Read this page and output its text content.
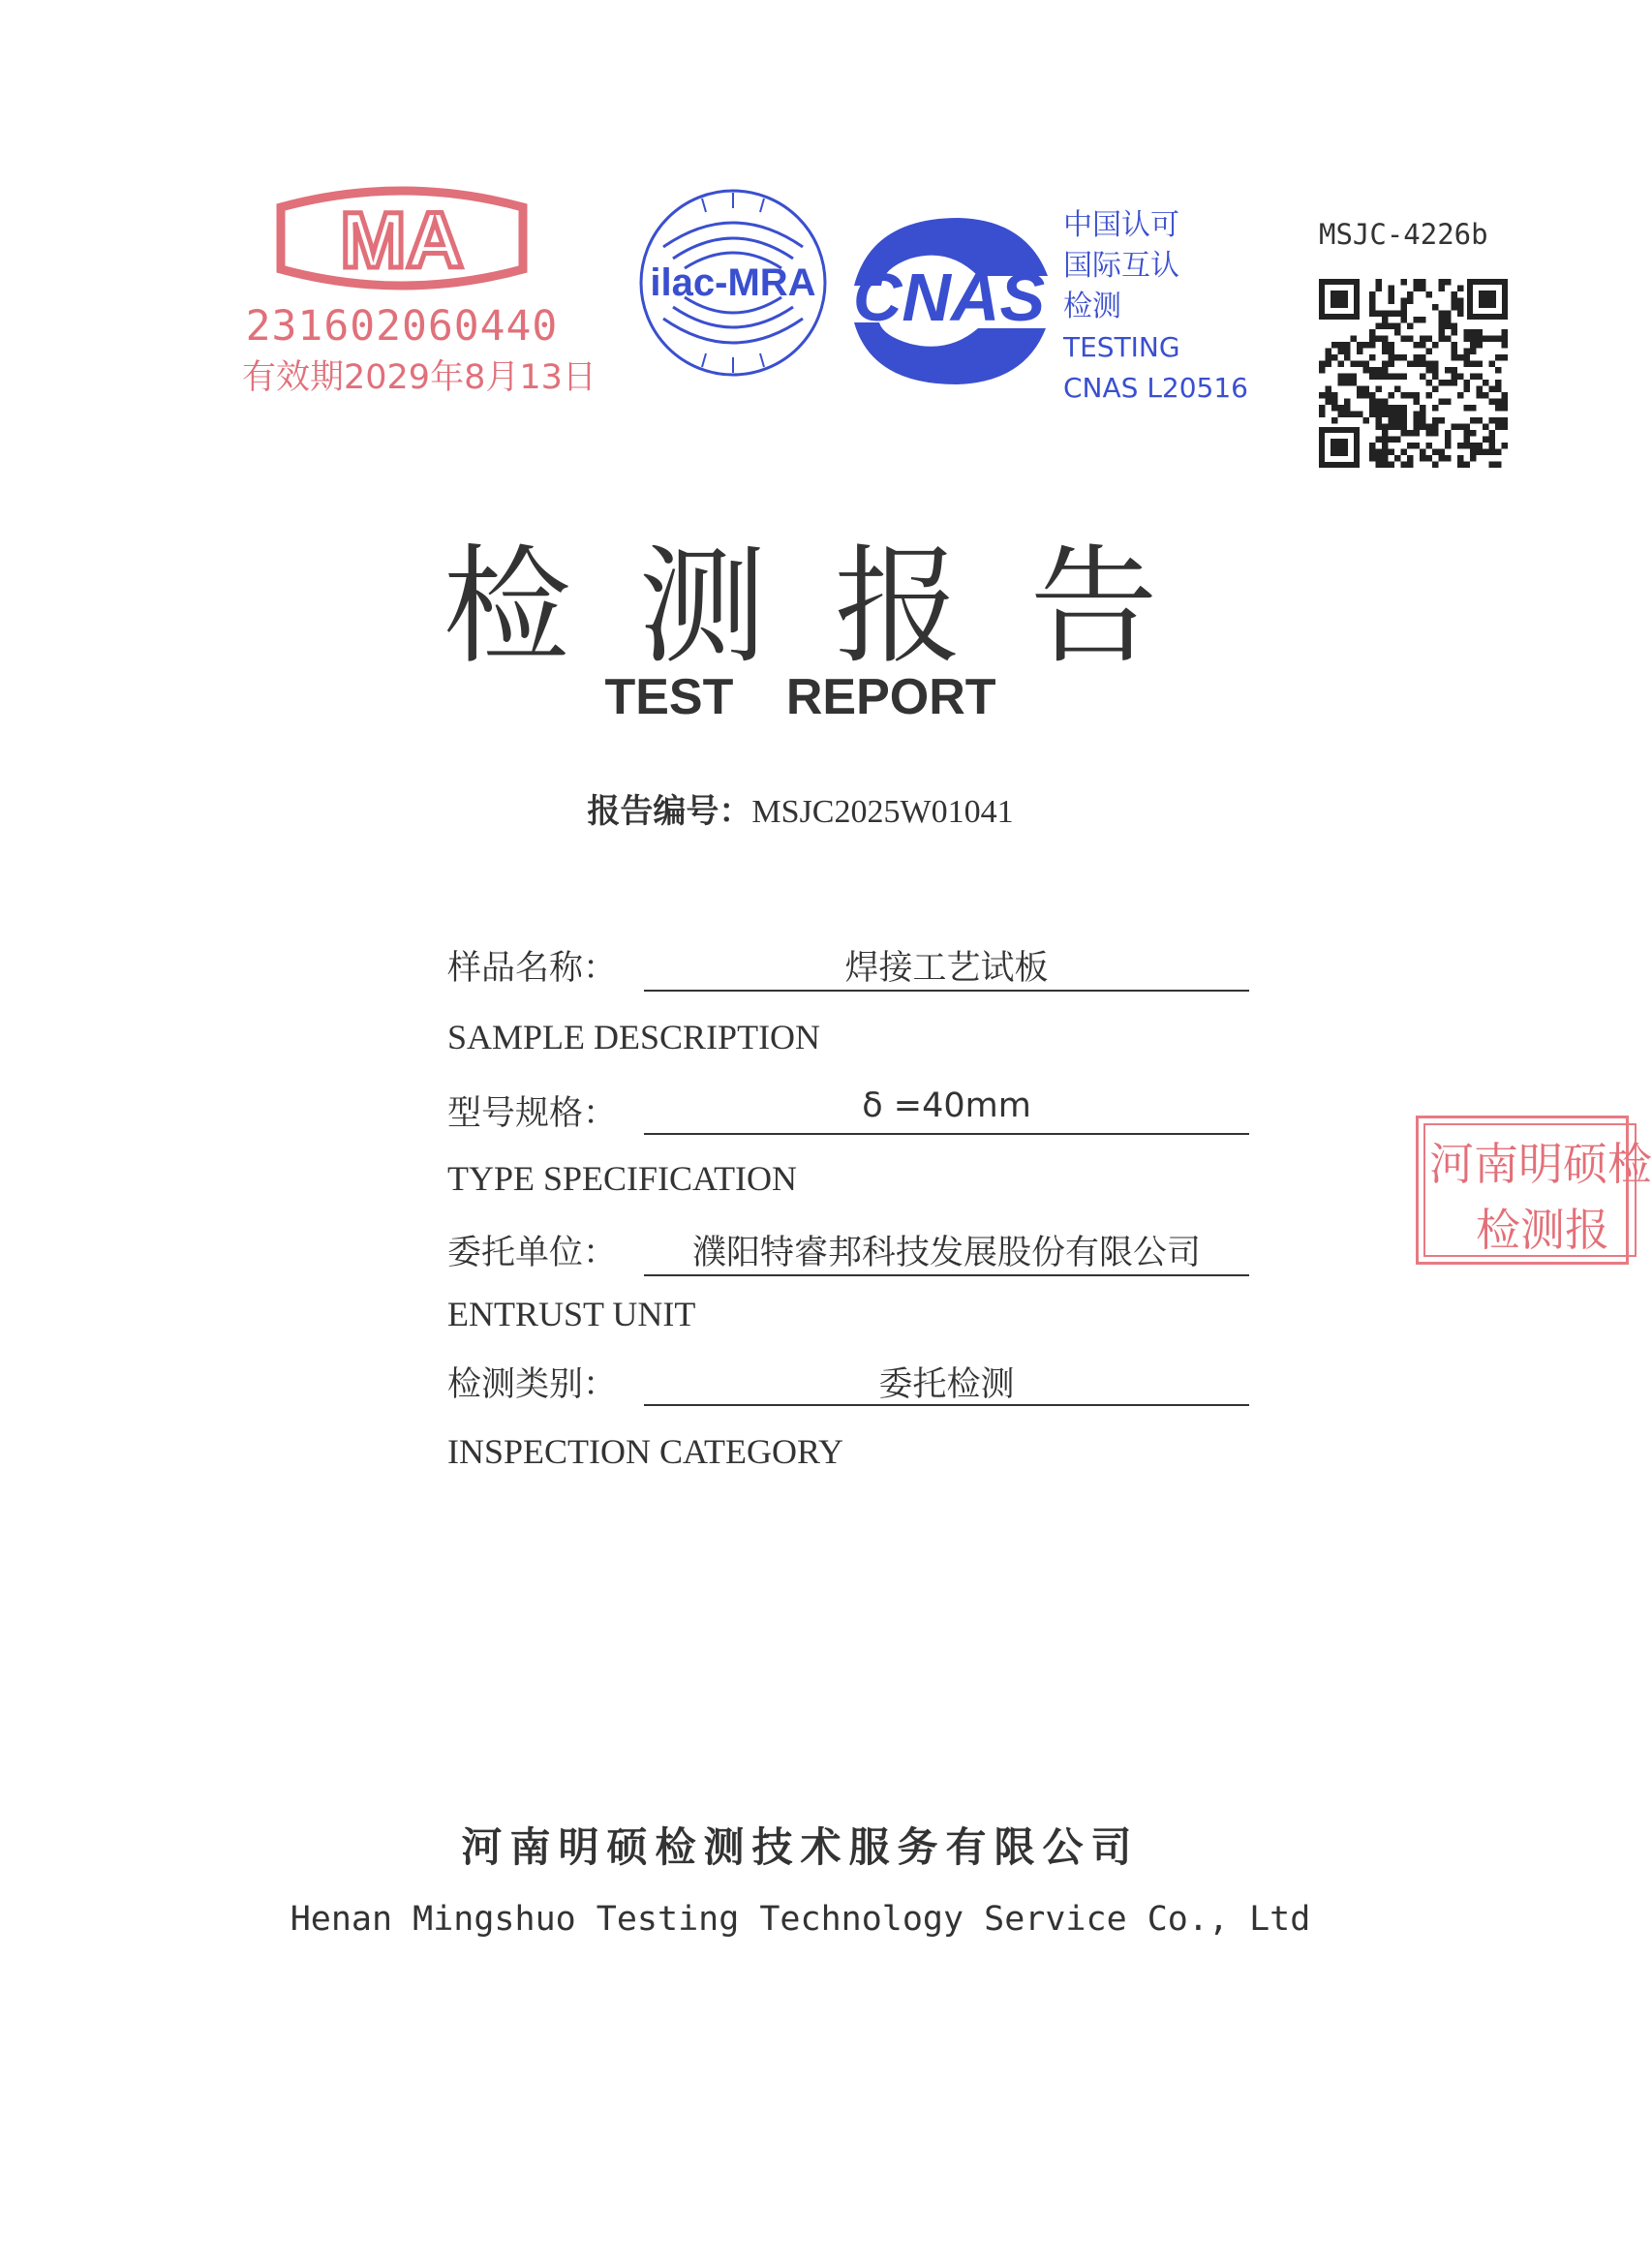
MA
231602060440
有效期2029年8月13日
ilac-MRA CNAS
中国认可
国际互认
检测
TESTING
CNAS L20516
MSJC-4226b
检测报告
TEST REPORT
报告编号：MSJC2025W01041
样品名称：	焊接工艺试板
SAMPLE DESCRIPTION
型号规格：	δ =40mm
TYPE SPECIFICATION
委托单位：	濮阳特睿邦科技发展股份有限公司
ENTRUST UNIT
检测类别：	委托检测
INSPECTION CATEGORY
河南明硕检
检测报
河南明硕检测技术服务有限公司
Henan Mingshuo Testing Technology Service Co., Ltd
